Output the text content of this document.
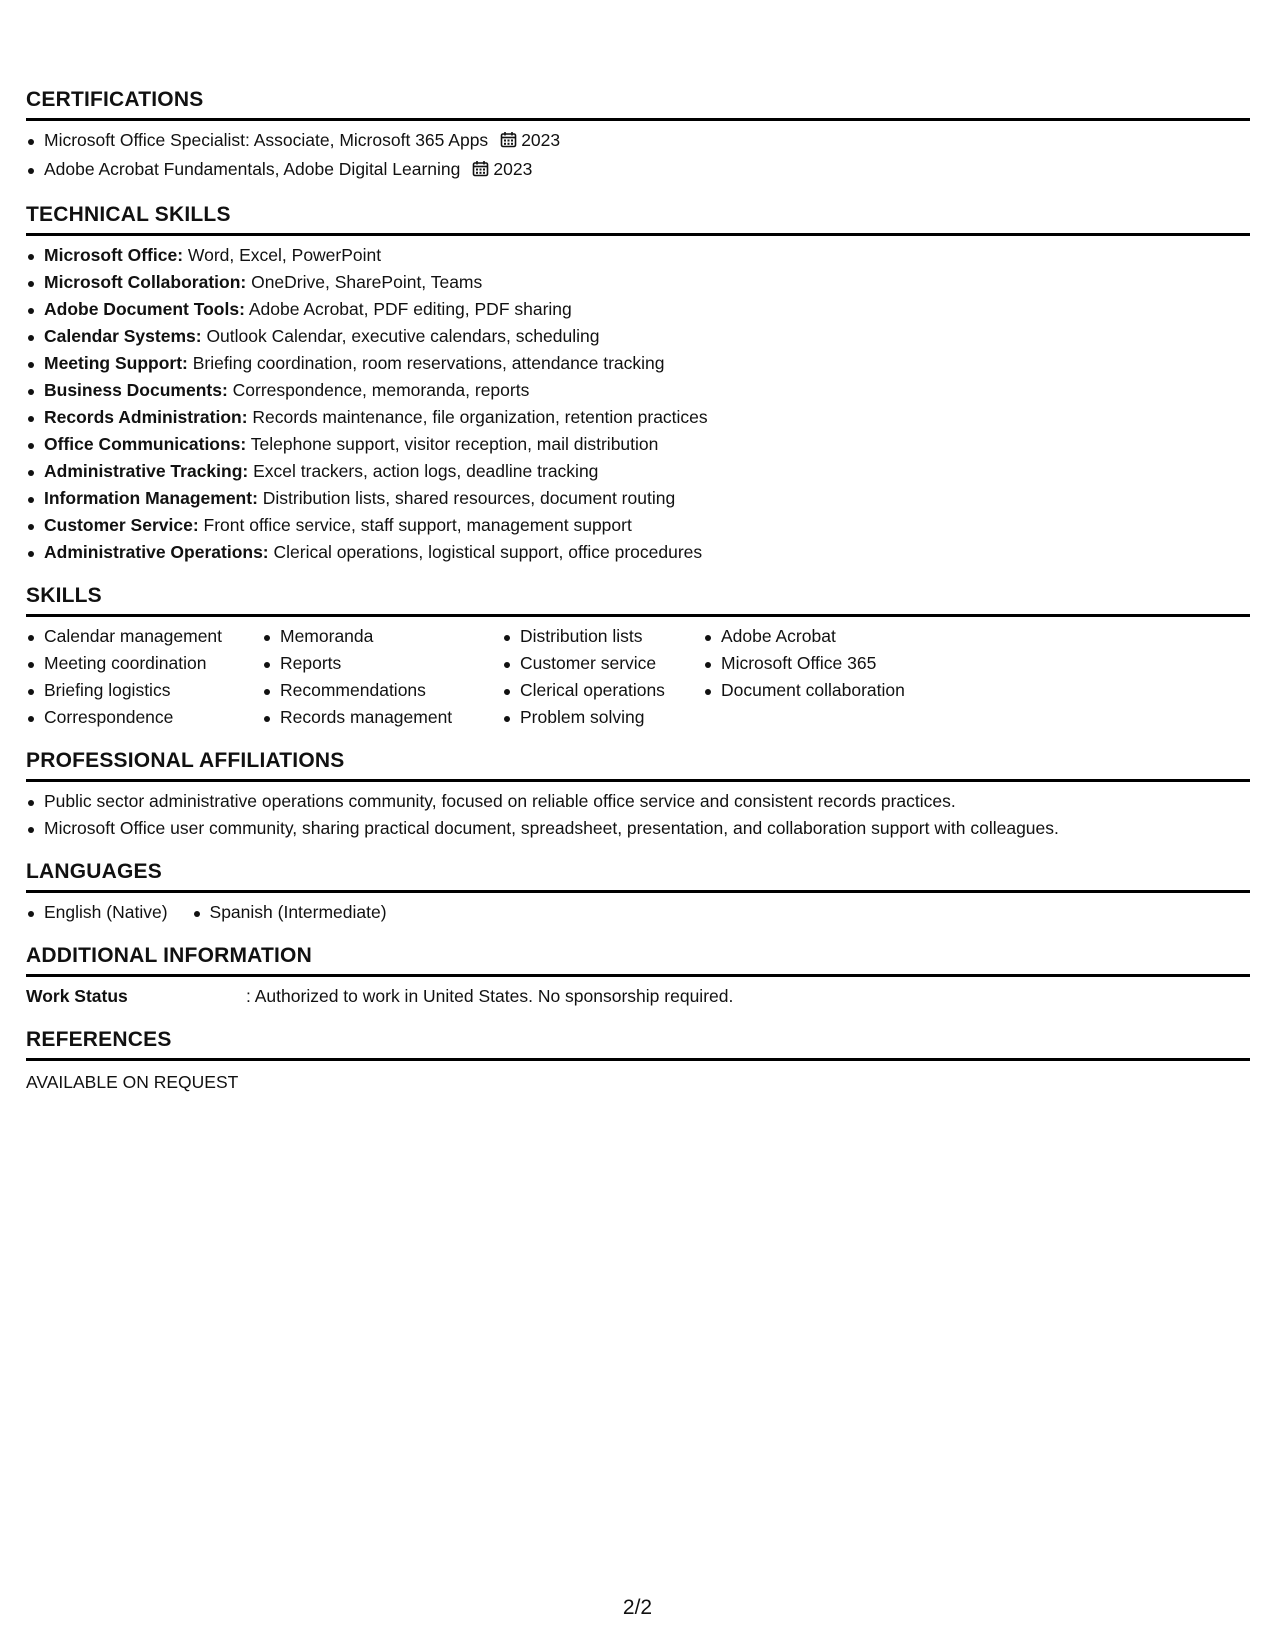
CERTIFICATIONS
Microsoft Office Specialist: Associate, Microsoft 365 Apps 2023
Adobe Acrobat Fundamentals, Adobe Digital Learning 2023
TECHNICAL SKILLS
Microsoft Office: Word, Excel, PowerPoint
Microsoft Collaboration: OneDrive, SharePoint, Teams
Adobe Document Tools: Adobe Acrobat, PDF editing, PDF sharing
Calendar Systems: Outlook Calendar, executive calendars, scheduling
Meeting Support: Briefing coordination, room reservations, attendance tracking
Business Documents: Correspondence, memoranda, reports
Records Administration: Records maintenance, file organization, retention practices
Office Communications: Telephone support, visitor reception, mail distribution
Administrative Tracking: Excel trackers, action logs, deadline tracking
Information Management: Distribution lists, shared resources, document routing
Customer Service: Front office service, staff support, management support
Administrative Operations: Clerical operations, logistical support, office procedures
SKILLS
Calendar management
Meeting coordination
Briefing logistics
Correspondence
Memoranda
Reports
Recommendations
Records management
Distribution lists
Customer service
Clerical operations
Problem solving
Adobe Acrobat
Microsoft Office 365
Document collaboration
PROFESSIONAL AFFILIATIONS
Public sector administrative operations community, focused on reliable office service and consistent records practices.
Microsoft Office user community, sharing practical document, spreadsheet, presentation, and collaboration support with colleagues.
LANGUAGES
English (Native) Spanish (Intermediate)
ADDITIONAL INFORMATION
Work Status	: Authorized to work in United States. No sponsorship required.
REFERENCES
AVAILABLE ON REQUEST
2/2
